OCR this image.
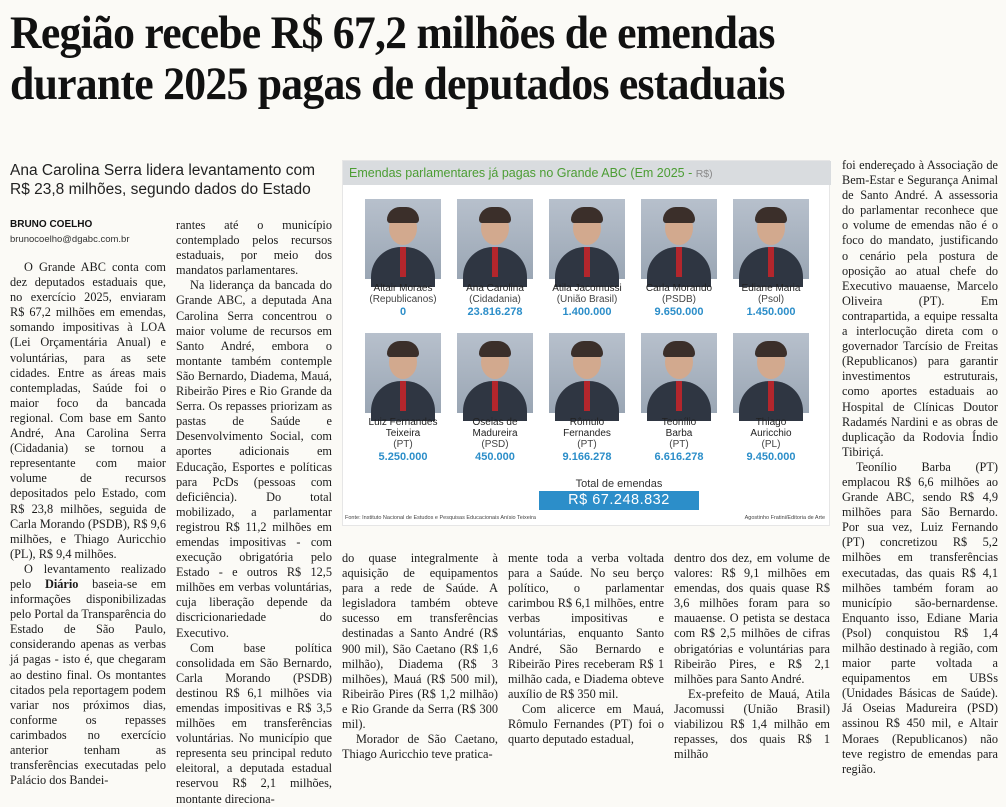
Região recebe R$ 67,2 milhões de emendas
durante 2025 pagas de deputados estaduais
Ana Carolina Serra lidera levantamento com R$ 23,8 milhões, segundo dados do Estado
BRUNO COELHO
brunocoelho@dgabc.com.br

O Grande ABC conta com dez deputados estaduais que, no exercício 2025, enviaram R$ 67,2 milhões em emendas, somando impositivas à LOA (Lei Orçamentária Anual) e voluntárias, para as sete cidades. Entre as áreas mais contempladas, Saúde foi o maior foco da bancada regional. Com base em Santo André, Ana Carolina Serra (Cidadania) se tornou a representante com maior volume de recursos depositados pelo Estado, com R$ 23,8 milhões, seguida de Carla Morando (PSDB), R$ 9,6 milhões, e Thiago Auricchio (PL), R$ 9,4 milhões.

O levantamento realizado pelo Diário baseia-se em informações disponibilizadas pelo Portal da Transparência do Estado de São Paulo, considerando apenas as verbas já pagas - isto é, que chegaram ao destino final. Os montantes citados pela reportagem podem variar nos próximos dias, conforme os repasses carimbados no exercício anterior tenham as transferências executadas pelo Palácio dos Bandei-

rantes até o município contemplado pelos recursos estaduais, por meio dos mandatos parlamentares.

Na liderança da bancada do Grande ABC, a deputada Ana Carolina Serra concentrou o maior volume de recursos em Santo André, embora o montante também contemple São Bernardo, Diadema, Mauá, Ribeirão Pires e Rio Grande da Serra. Os repasses priorizam as pastas de Saúde e Desenvolvimento Social, com aportes adicionais em Educação, Esportes e políticas para PcDs (pessoas com deficiência). Do total mobilizado, a parlamentar registrou R$ 11,2 milhões em emendas impositivas - com execução obrigatória pelo Estado - e outros R$ 12,5 milhões em verbas voluntárias, cuja liberação depende da discricionariedade do Executivo.

Com base política consolidada em São Bernardo, Carla Morando (PSDB) destinou R$ 6,1 milhões via emendas impositivas e R$ 3,5 milhões em transferências voluntárias. No município que representa seu principal reduto eleitoral, a deputada estadual reservou R$ 2,1 milhões, montante direciona-

do quase integralmente à aquisição de equipamentos para a rede de Saúde. A legisladora também obteve sucesso em transferências destinadas a Santo André (R$ 900 mil), São Caetano (R$ 1,6 milhão), Diadema (R$ 3 milhões), Mauá (R$ 500 mil), Ribeirão Pires (R$ 1,2 milhão) e Rio Grande da Serra (R$ 300 mil).

Morador de São Caetano, Thiago Auricchio teve pratica-

mente toda a verba voltada para a Saúde. No seu berço político, o parlamentar carimbou R$ 6,1 milhões, entre verbas impositivas e voluntárias, enquanto Santo André, São Bernardo e Ribeirão Pires receberam R$ 1 milhão cada, e Diadema obteve auxílio de R$ 350 mil.

Com alicerce em Mauá, Rômulo Fernandes (PT) foi o quarto deputado estadual,

dentro dos dez, em volume de valores: R$ 9,1 milhões em emendas, dos quais quase R$ 3,6 milhões foram para so mauaense. O petista se destaca com R$ 2,5 milhões de cifras obrigatórias e voluntárias para Ribeirão Pires, e R$ 2,1 milhões para Santo André.

Ex-prefeito de Mauá, Atila Jacomussi (União Brasil) viabilizou R$ 1,4 milhão em repasses, dos quais R$ 1 milhão

foi endereçado à Associação de Bem-Estar e Segurança Animal de Santo André. A assessoria do parlamentar reconhece que o volume de emendas não é o foco do mandato, justificando o cenário pela postura de oposição ao atual chefe do Executivo mauaense, Marcelo Oliveira (PT). Em contrapartida, a equipe ressalta a interlocução direta com o governador Tarcísio de Freitas (Republicanos) para garantir investimentos estruturais, como aportes estaduais ao Hospital de Clínicas Doutor Radamés Nardini e as obras de duplicação da Rodovia Índio Tibiriçá.

Teonílio Barba (PT) emplacou R$ 6,6 milhões ao Grande ABC, sendo R$ 4,9 milhões para São Bernardo. Por sua vez, Luiz Fernando (PT) concretizou R$ 5,2 milhões em transferências executadas, das quais R$ 4,1 milhões também foram ao município são-bernardense. Enquanto isso, Ediane Maria (Psol) conquistou R$ 1,4 milhão destinado à região, com maior parte voltada a equipamentos em UBSs (Unidades Básicas de Saúde). Já Oseias Madureira (PSD) assinou R$ 450 mil, e Altair Moraes (Republicanos) não teve registro de emendas para região.

Emendas parlamentares já pagas no Grande ABC (Em 2025 - R$)
Altair Moraes
(Republicanos)
0
Ana Carolina
(Cidadania)
23.816.278
Atila Jacomussi
(União Brasil)
1.400.000
Carla Morando
(PSDB)
9.650.000
Ediane Maria
(Psol)
1.450.000
Luiz Fernandes
Teixeira
(PT)
5.250.000
Oseias de
Madureira
(PSD)
450.000
Rômulo
Fernandes
(PT)
9.166.278
Teonílio
Barba
(PT)
6.616.278
Thiago
Auricchio
(PL)
9.450.000
Total de emendas
R$ 67.248.832
Fonte: Instituto Nacional de Estudos e Pesquisas Educacionais Anísio Teixeira	Agostinho Fratini/Editoria de Arte
